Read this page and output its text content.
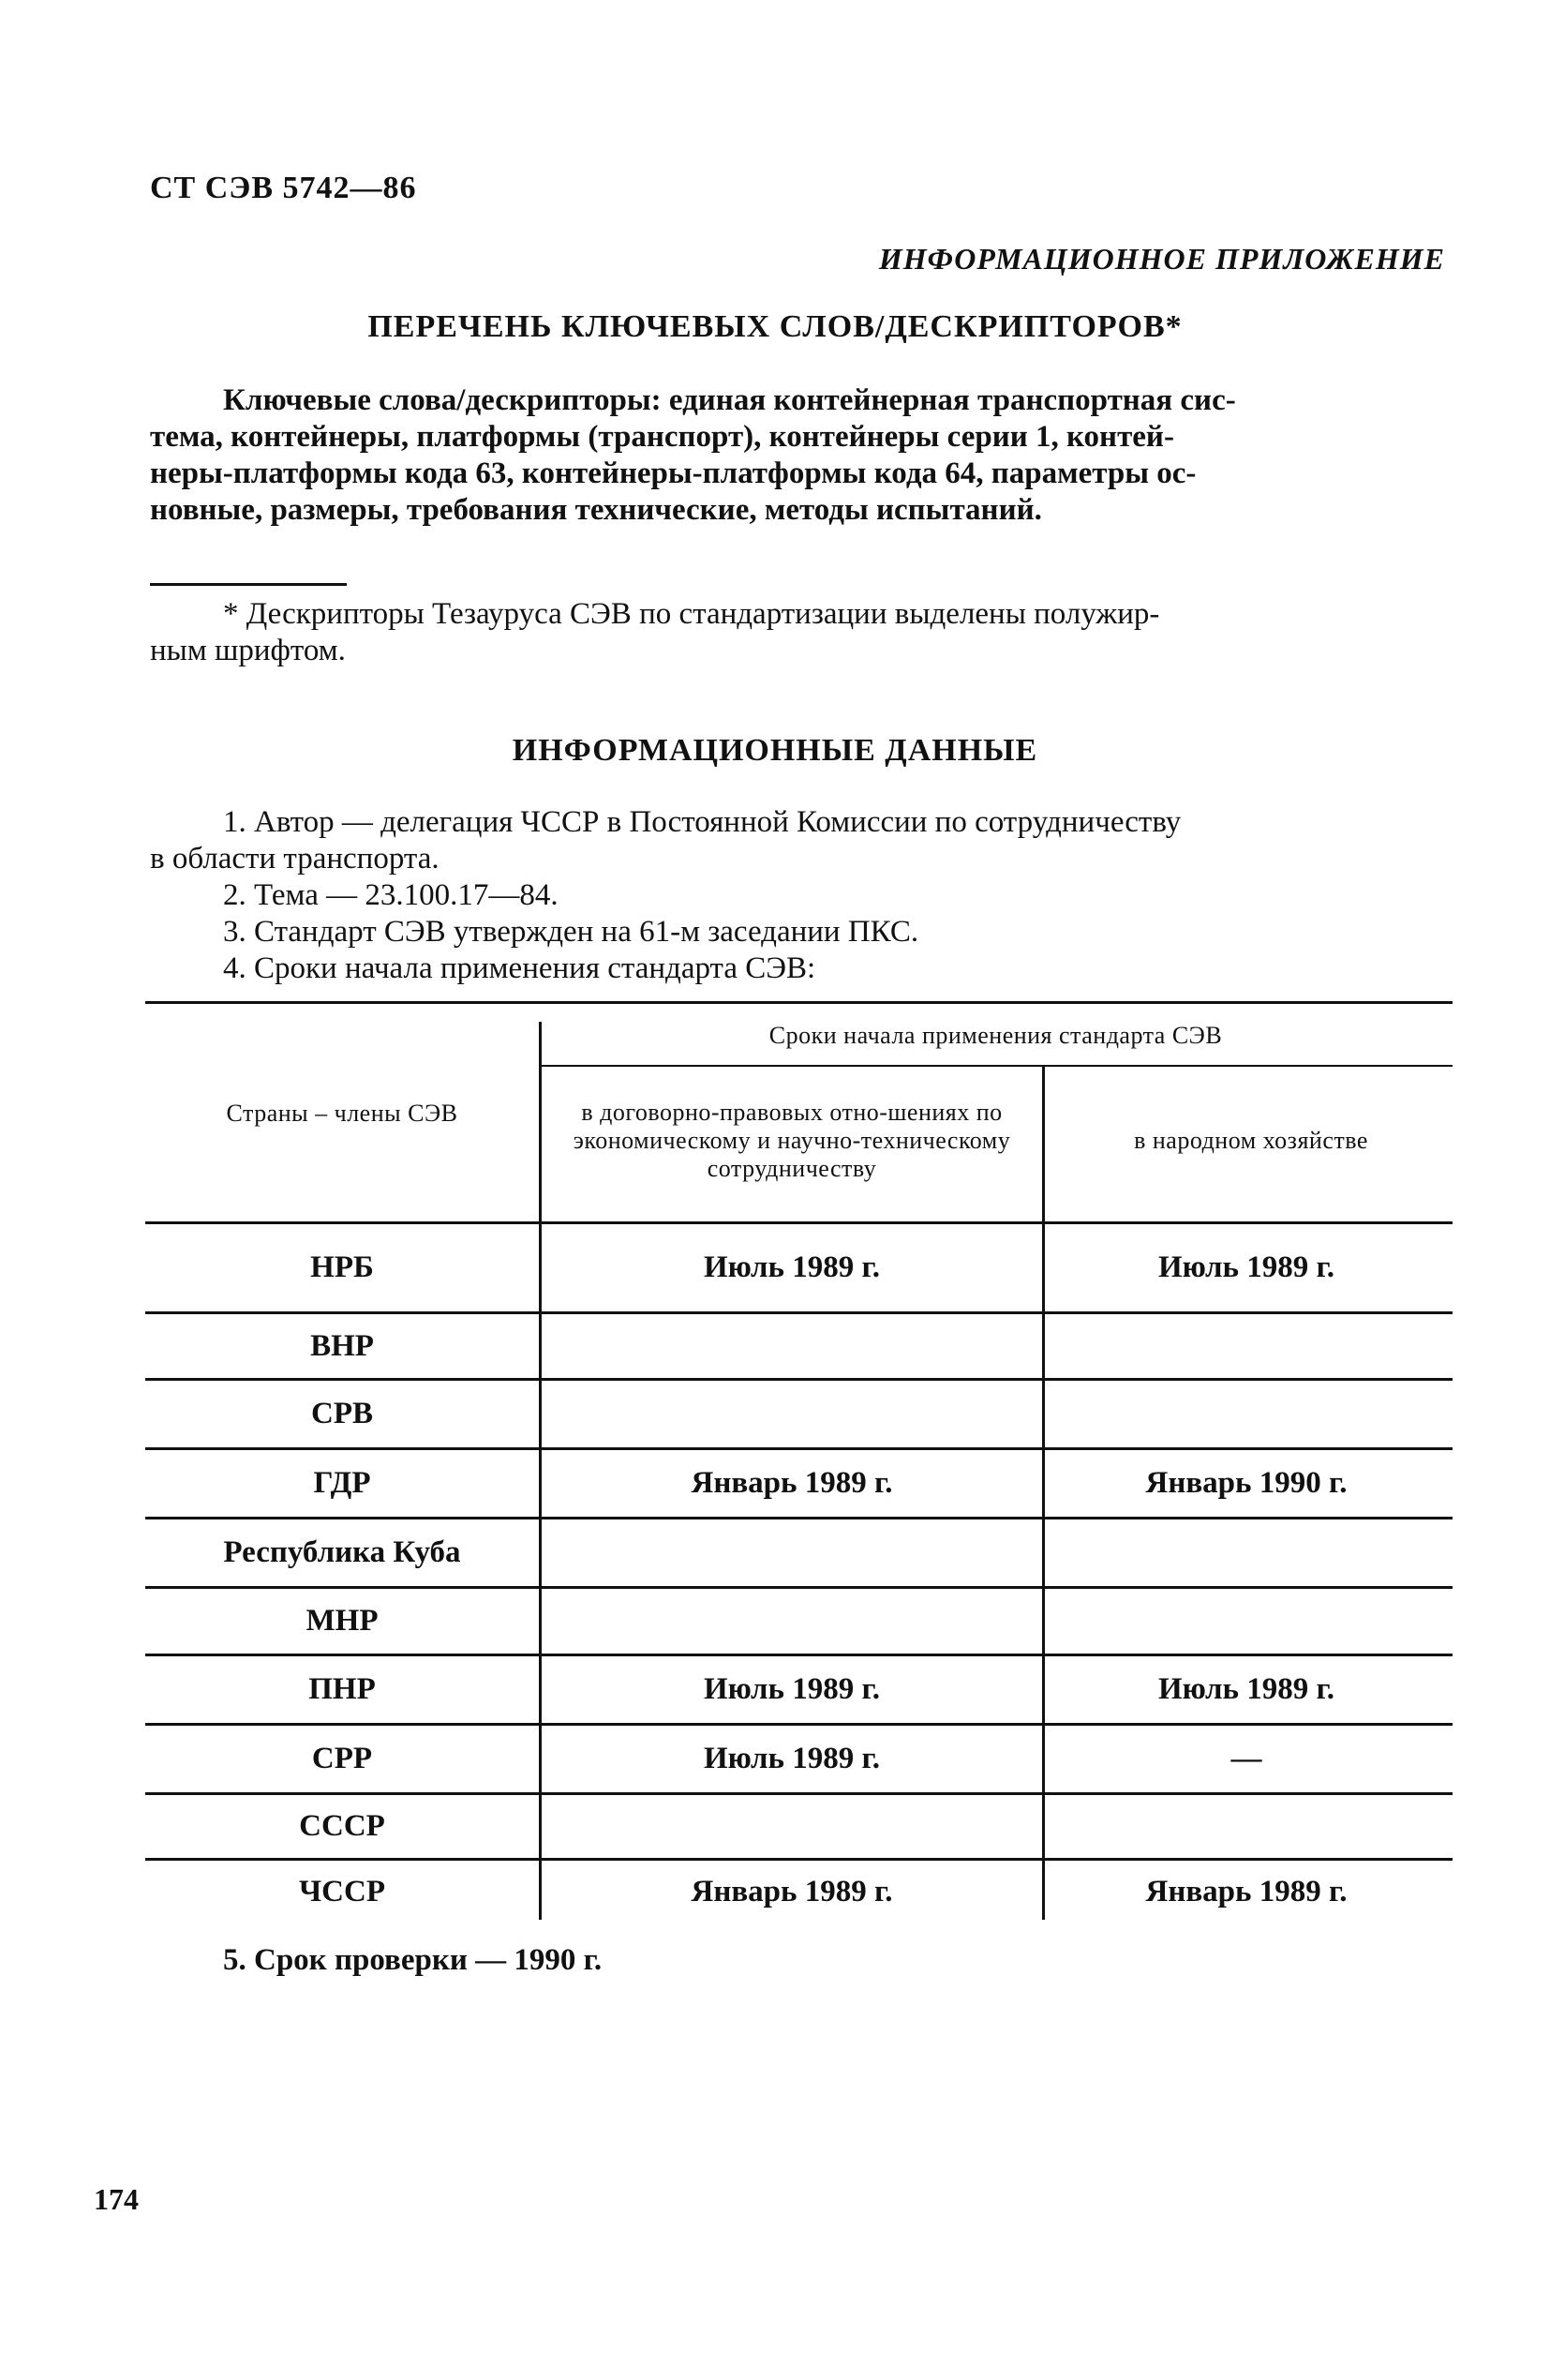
СТ СЭВ 5742—86
ИНФОРМАЦИОННОЕ ПРИЛОЖЕНИЕ
ПЕРЕЧЕНЬ КЛЮЧЕВЫХ СЛОВ/ДЕСКРИПТОРОВ*
Ключевые слова/дескрипторы: единая контейнерная транспортная сис-
тема, контейнеры, платформы (транспорт), контейнеры серии 1, контей-
неры-платформы кода 63, контейнеры-платформы кода 64, параметры ос-
новные, размеры, требования технические, методы испытаний.
* Дескрипторы Тезауруса СЭВ по стандартизации выделены полужир-
ным шрифтом.
ИНФОРМАЦИОННЫЕ ДАННЫЕ
1. Автор — делегация ЧССР в Постоянной Комиссии по сотрудничеству
в области транспорта.
2. Тема — 23.100.17—84.
3. Стандарт СЭВ утвержден на 61-м заседании ПКС.
4. Сроки начала применения стандарта СЭВ:
Страны – члены СЭВ
Сроки начала применения стандарта СЭВ
в договорно-правовых отно-шениях по экономическому и научно-техническому сотрудничеству
в народном хозяйстве
НРБ	Июль 1989 г.	Июль 1989 г.
ВНР
СРВ
ГДР	Январь 1989 г.	Январь 1990 г.
Республика Куба
МНР
ПНР	Июль 1989 г.	Июль 1989 г.
СРР	Июль 1989 г.	—
СССР
ЧССР	Январь 1989 г.	Январь 1989 г.
5. Срок проверки — 1990 г.
174
